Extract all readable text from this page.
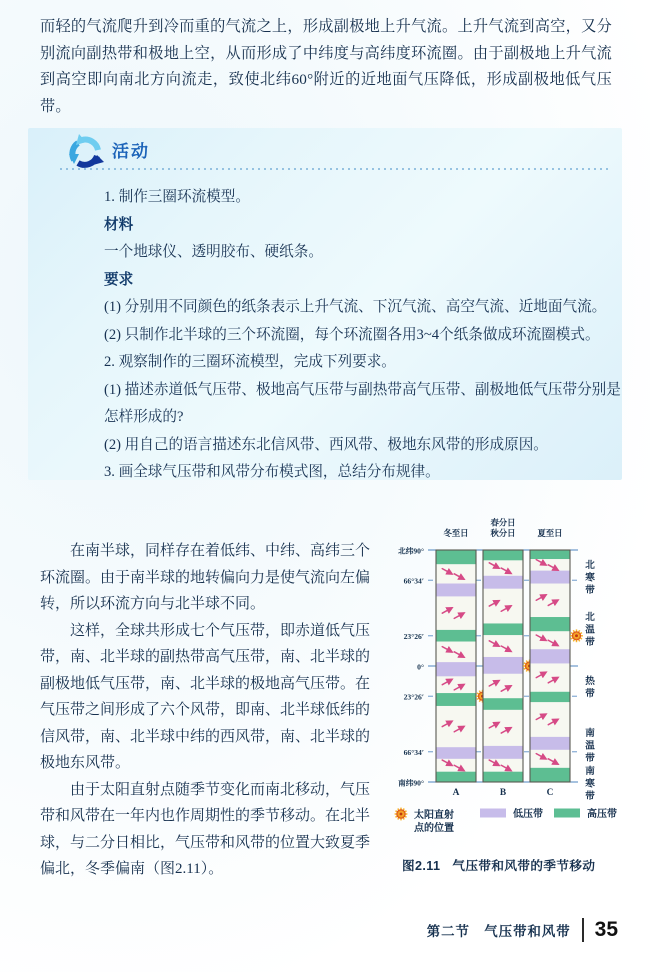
而轻的气流爬升到冷而重的气流之上，形成副极地上升气流。上升气流到高空，又分别流向副热带和极地上空，从而形成了中纬度与高纬度环流圈。由于副极地上升气流到高空即向南北方向流走，致使北纬60°附近的近地面气压降低，形成副极地低气压带。
活动
1. 制作三圈环流模型。
材料
一个地球仪、透明胶布、硬纸条。
要求
(1) 分别用不同颜色的纸条表示上升气流、下沉气流、高空气流、近地面气流。
(2) 只制作北半球的三个环流圈，每个环流圈各用3~4个纸条做成环流圈模式。
2. 观察制作的三圈环流模型，完成下列要求。
(1) 描述赤道低气压带、极地高气压带与副热带高气压带、副极地低气压带分别是怎样形成的?
(2) 用自己的语言描述东北信风带、西风带、极地东风带的形成原因。
3. 画全球气压带和风带分布模式图，总结分布规律。

在南半球，同样存在着低纬、中纬、高纬三个环流圈。由于南半球的地转偏向力是使气流向左偏转，所以环流方向与北半球不同。

这样，全球共形成七个气压带，即赤道低气压带，南、北半球的副热带高气压带，南、北半球的副极地低气压带，南、北半球的极地高气压带。在气压带之间形成了六个风带，即南、北半球低纬的信风带，南、北半球中纬的西风带，南、北半球的极地东风带。

由于太阳直射点随季节变化而南北移动，气压带和风带在一年内也作周期性的季节移动。在北半球，与二分日相比，气压带和风带的位置大致夏季偏北，冬季偏南（图2.11）。

北纬90°
66°34′
23°26′
0°
23°26′
66°34′
南纬90°
冬至日
A
春分日
秋分日
B
夏至日
C
北
寒
带
北
温
带
热
带
南
温
带
南
寒
带
太阳直射
点的位置
低压带	高压带
图2.11 气压带和风带的季节移动
第二节　气压带和风带 35
